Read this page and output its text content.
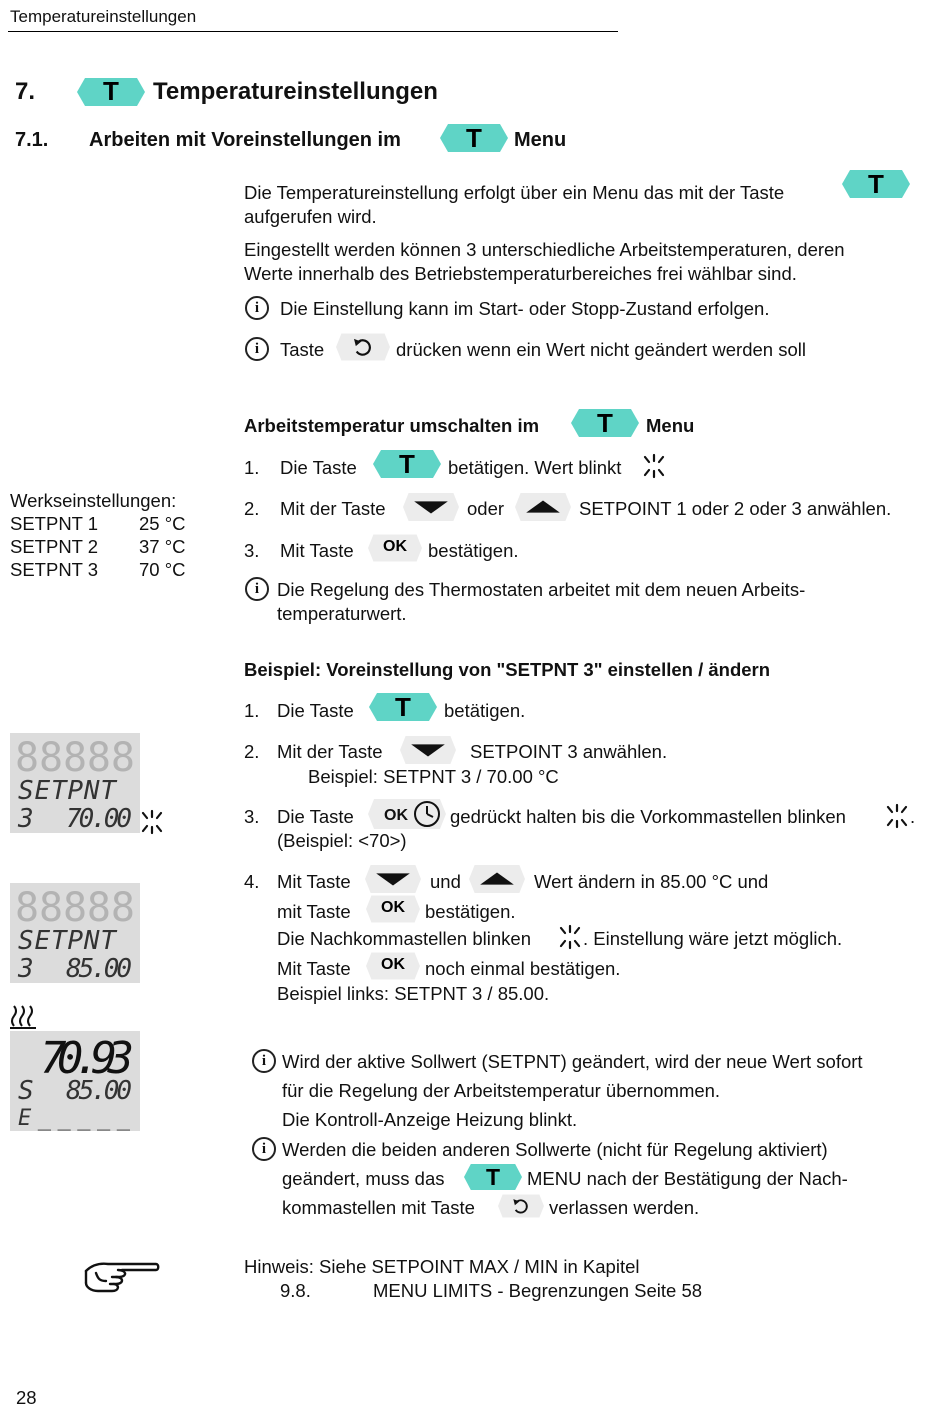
Temperatureinstellungen
7.	T	Temperatureinstellungen
7.1. Arbeiten mit Voreinstellungen im	T	Menu
Die Temperatureinstellung erfolgt über ein Menu das mit der Taste	T
aufgerufen wird.
Eingestellt werden können 3 unterschiedliche Arbeitstemperaturen, deren
Werte innerhalb des Betriebstemperaturbereiches frei wählbar sind.
i	Die Einstellung kann im Start- oder Stopp-Zustand erfolgen.
i	Taste	drücken wenn ein Wert nicht geändert werden soll
Werkseinstellungen:
SETPNT 1 25 °C
SETPNT 2 37 °C
SETPNT 3 70 °C
Arbeitstemperatur umschalten im	T	Menu
1. Die Taste	T	betätigen. Wert blinkt
2. Mit der Taste	oder	SETPOINT 1 oder 2 oder 3 anwählen.
3. Mit Taste	OK	bestätigen.
i Die Regelung des Thermostaten arbeitet mit dem neuen Arbeits-
temperaturwert.
Beispiel: Voreinstellung von "SETPNT 3" einstellen / ändern
1. Die Taste	T	betätigen.
2. Mit der Taste	SETPOINT 3 anwählen.
Beispiel: SETPNT 3 / 70.00 °C
3. Die Taste OK gedrückt halten bis die Vorkommastellen blinken	.
(Beispiel: <70>)
4. Mit Taste	und	Wert ändern in 85.00 °C und
mit Taste	OK	bestätigen.
Die Nachkommastellen blinken	. Einstellung wäre jetzt möglich.
Mit Taste	OK	noch einmal bestätigen.
Beispiel links: SETPNT 3 / 85.00.
88888
SETPNT
3 70.00
88888
SETPNT
3 85.00
70.93
S 85.00
E _ _ _ _ _
i Wird der aktive Sollwert (SETPNT) geändert, wird der neue Wert sofort
für die Regelung der Arbeitstemperatur übernommen.
Die Kontroll-Anzeige Heizung blinkt.
i Werden die beiden anderen Sollwerte (nicht für Regelung aktiviert)
geändert, muss das	T	MENU nach der Bestätigung der Nach-
kommastellen mit Taste	verlassen werden.
Hinweis: Siehe SETPOINT MAX / MIN in Kapitel
9.8.	MENU LIMITS - Begrenzungen Seite 58
28
